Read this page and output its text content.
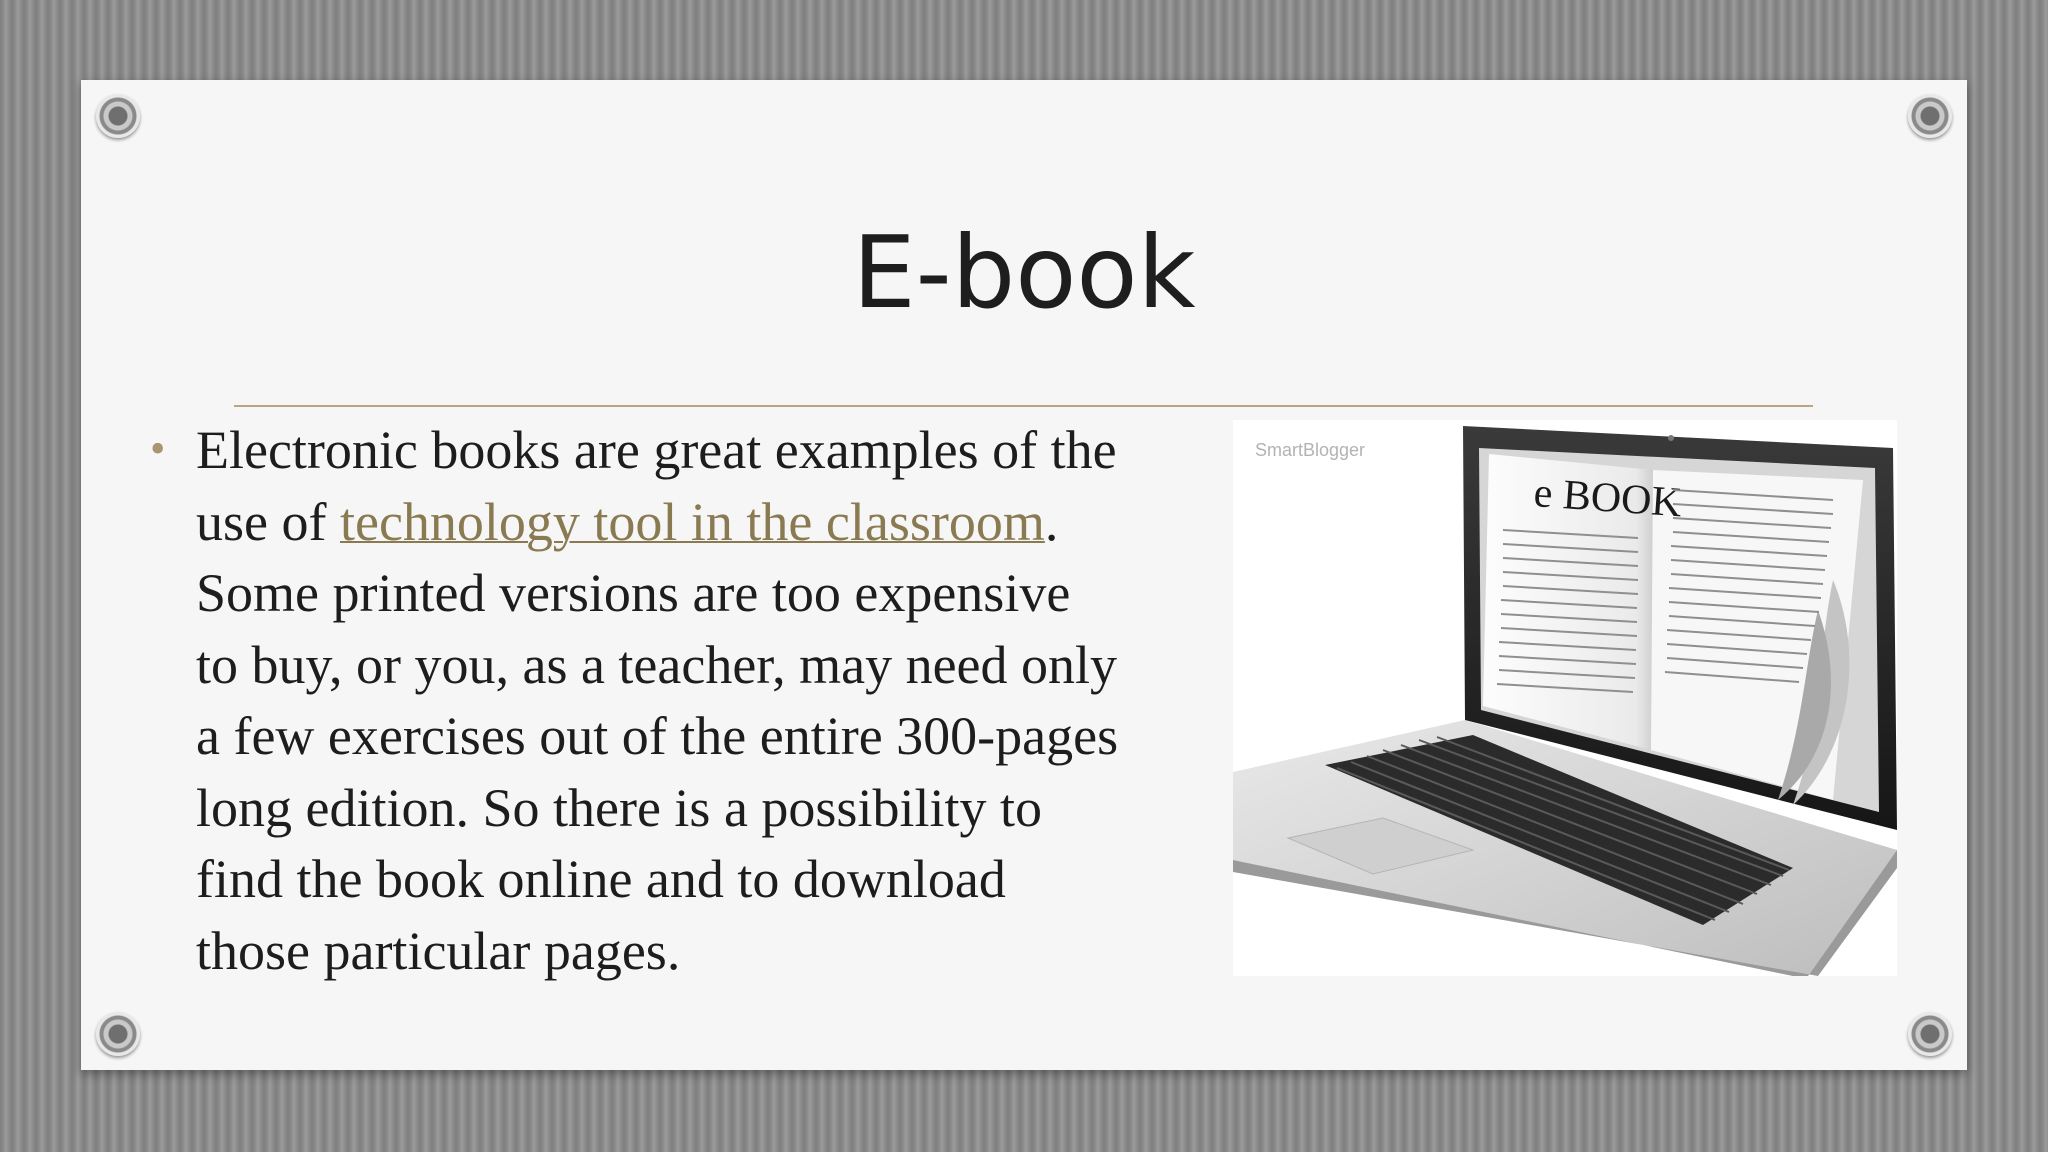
E-book
• Electronic books are great examples of the
use of technology tool in the classroom.
Some printed versions are too expensive
to buy, or you, as a teacher, may need only
a few exercises out of the entire 300-pages
long edition. So there is a possibility to
find the book online and to download
those particular pages.

SmartBlogger
e BOOK
